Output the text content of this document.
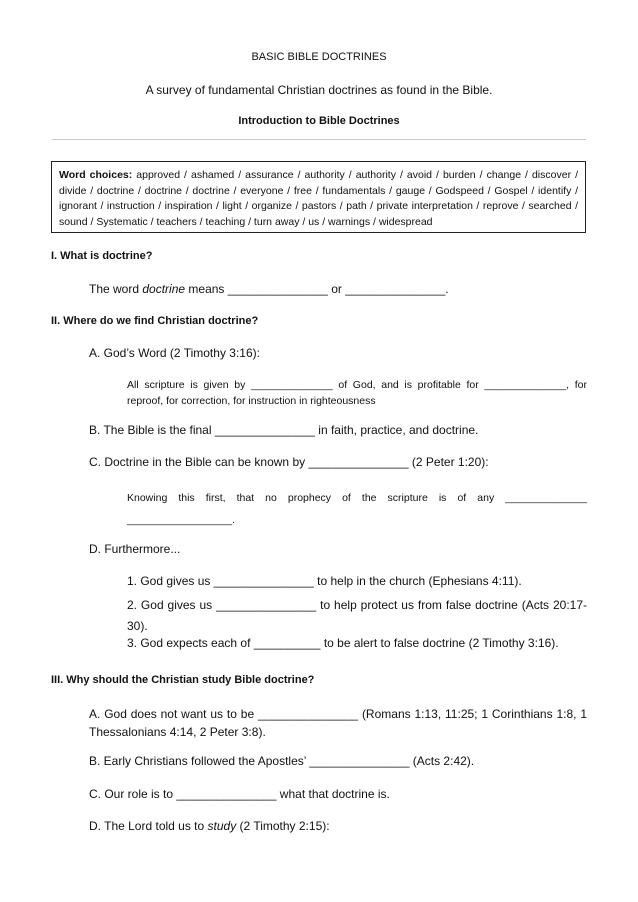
BASIC BIBLE DOCTRINES
A survey of fundamental Christian doctrines as found in the Bible.
Introduction to Bible Doctrines

Word choices: approved / ashamed / assurance / authority / authority / avoid / burden / change / discover / divide / doctrine / doctrine / doctrine / everyone / free / fundamentals / gauge / Godspeed / Gospel / identify / ignorant / instruction / inspiration / light / organize / pastors / path / private interpretation / reprove / searched / sound / Systematic / teachers / teaching / turn away / us / warnings / widespread

I. What is doctrine?
The word doctrine means _______________ or _______________.
II. Where do we find Christian doctrine?
A. God’s Word (2 Timothy 3:16):
All scripture is given by ______________ of God, and is profitable for ______________, for reproof, for correction, for instruction in righteousness
B. The Bible is the final _______________ in faith, practice, and doctrine.
C. Doctrine in the Bible can be known by _______________ (2 Peter 1:20):
Knowing this first, that no prophecy of the scripture is of any ______________ __________________.
D. Furthermore...
1. God gives us _______________ to help in the church (Ephesians 4:11).
2. God gives us _______________ to help protect us from false doctrine (Acts 20:17-30).
3. God expects each of __________ to be alert to false doctrine (2 Timothy 3:16).
III. Why should the Christian study Bible doctrine?
A. God does not want us to be _______________ (Romans 1:13, 11:25; 1 Corinthians 1:8, 1 Thessalonians 4:14, 2 Peter 3:8).
B. Early Christians followed the Apostles’ _______________ (Acts 2:42).
C. Our role is to _______________ what that doctrine is.
D. The Lord told us to study (2 Timothy 2:15):
